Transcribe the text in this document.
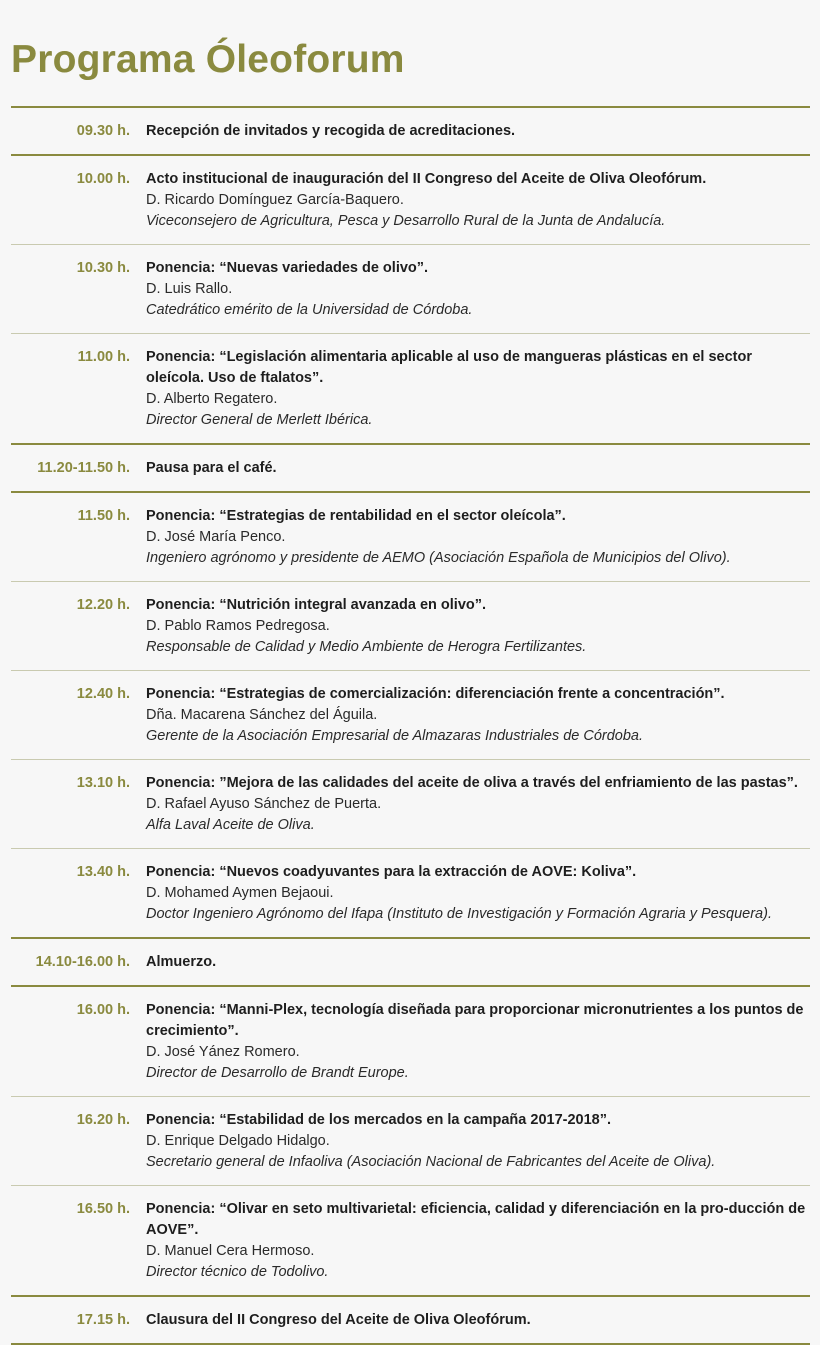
Programa Óleoforum
09.30 h.	Recepción de invitados y recogida de acreditaciones.
10.00 h.	Acto institucional de inauguración del II Congreso del Aceite de Oliva Oleofórum.
D. Ricardo Domínguez García-Baquero.
Viceconsejero de Agricultura, Pesca y Desarrollo Rural de la Junta de Andalucía.
10.30 h.	Ponencia: “Nuevas variedades de olivo”.
D. Luis Rallo.
Catedrático emérito de la Universidad de Córdoba.
11.00 h.	Ponencia: “Legislación alimentaria aplicable al uso de mangueras plásticas en el sector oleícola. Uso de ftalatos”.
D. Alberto Regatero.
Director General de Merlett Ibérica.
11.20-11.50 h.	Pausa para el café.
11.50 h.	Ponencia: “Estrategias de rentabilidad en el sector oleícola”.
D. José María Penco.
Ingeniero agrónomo y presidente de AEMO (Asociación Española de Municipios del Olivo).
12.20 h.	Ponencia: “Nutrición integral avanzada en olivo”.
D. Pablo Ramos Pedregosa.
Responsable de Calidad y Medio Ambiente de Herogra Fertilizantes.
12.40 h.	Ponencia: “Estrategias de comercialización: diferenciación frente a concentración”.
Dña. Macarena Sánchez del Águila.
Gerente de la Asociación Empresarial de Almazaras Industriales de Córdoba.
13.10 h.	Ponencia: ”Mejora de las calidades del aceite de oliva a través del enfriamiento de las pastas”.
D. Rafael Ayuso Sánchez de Puerta.
Alfa Laval Aceite de Oliva.
13.40 h.	Ponencia: “Nuevos coadyuvantes para la extracción de AOVE: Koliva”.
D. Mohamed Aymen Bejaoui.
Doctor Ingeniero Agrónomo del Ifapa (Instituto de Investigación y Formación Agraria y Pesquera).
14.10-16.00 h.	Almuerzo.
16.00 h.	Ponencia: “Manni-Plex, tecnología diseñada para proporcionar micronutrientes a los puntos de crecimiento”.
D. José Yánez Romero.
Director de Desarrollo de Brandt Europe.
16.20 h.	Ponencia: “Estabilidad de los mercados en la campaña 2017-2018”.
D. Enrique Delgado Hidalgo.
Secretario general de Infaoliva (Asociación Nacional de Fabricantes del Aceite de Oliva).
16.50 h.	Ponencia: “Olivar en seto multivarietal: eficiencia, calidad y diferenciación en la pro-ducción de AOVE”.
D. Manuel Cera Hermoso.
Director técnico de Todolivo.
17.15 h.	Clausura del II Congreso del Aceite de Oliva Oleofórum.
